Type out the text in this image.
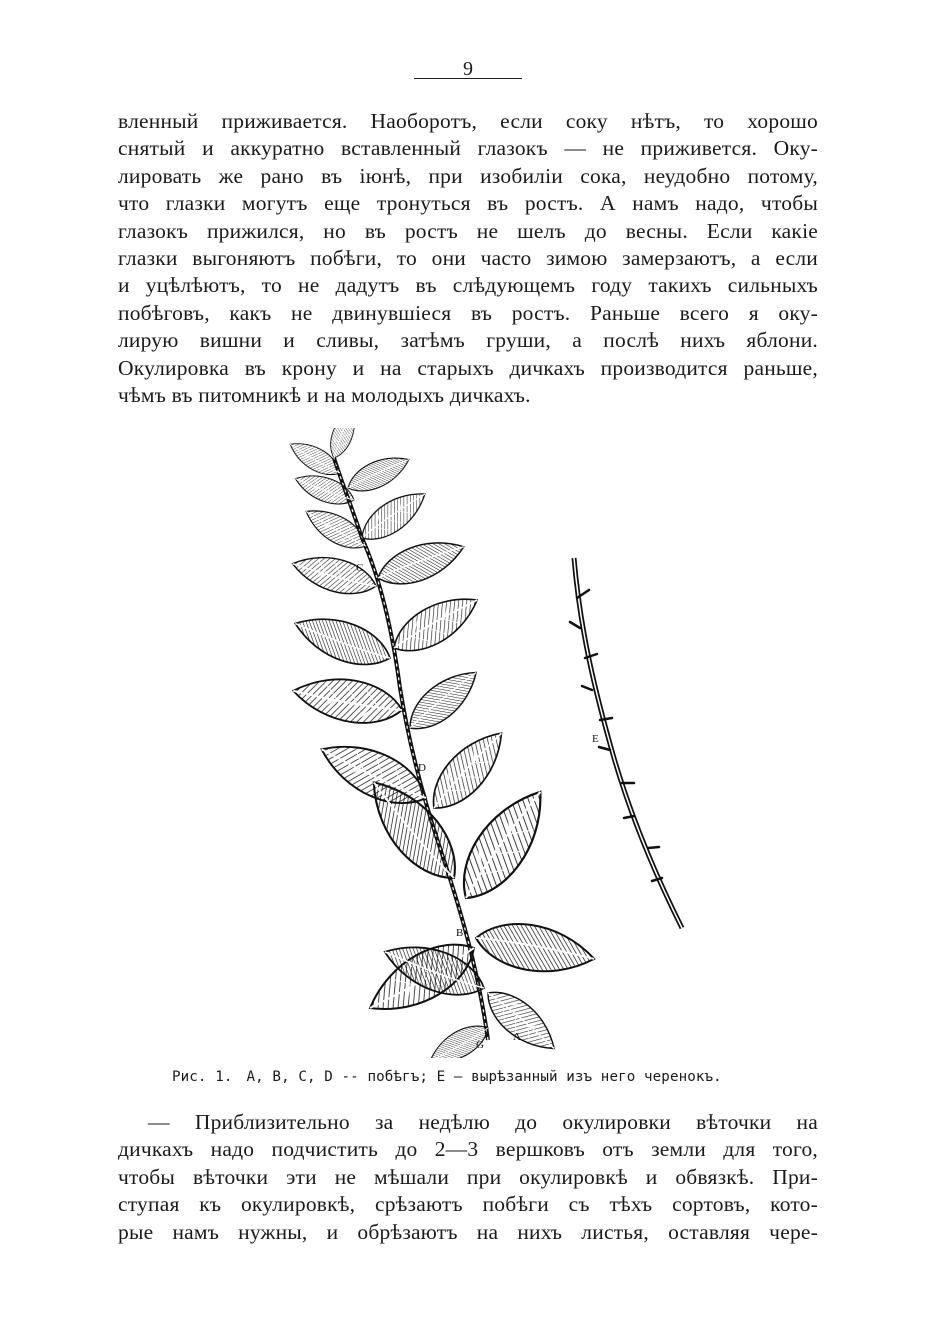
9
вленный приживается. Наоборотъ, если соку нѣтъ, то хорошо
снятый и аккуратно вставленный глазокъ — не приживется. Оку-
лировать же рано въ іюнѣ, при изобиліи сока, неудобно потому,
что глазки могутъ еще тронуться въ ростъ. А намъ надо, чтобы
глазокъ прижился, но въ ростъ не шелъ до весны. Если какіе
глазки выгоняютъ побѣги, то они часто зимою замерзаютъ, а если
и уцѣлѣютъ, то не дадутъ въ слѣдующемъ году такихъ сильныхъ
побѣговъ, какъ не двинувшіеся въ ростъ. Раньше всего я оку-
лирую вишни и сливы, затѣмъ груши, а послѣ нихъ яблони.
Окулировка въ крону и на старыхъ дичкахъ производится раньше,
чѣмъ въ питомникѣ и на молодыхъ дичкахъ.
C
D
B
A
G
E
Рис. 1. А, В, С, D -- побѣгъ; Е — вырѣзанный изъ него черенокъ.
— Приблизительно за недѣлю до окулировки вѣточки на
дичкахъ надо подчистить до 2—3 вершковъ отъ земли для того,
чтобы вѣточки эти не мѣшали при окулировкѣ и обвязкѣ. При-
ступая къ окулировкѣ, срѣзаютъ побѣги съ тѣхъ сортовъ, кото-
рые намъ нужны, и обрѣзаютъ на нихъ листья, оставляя чере-
